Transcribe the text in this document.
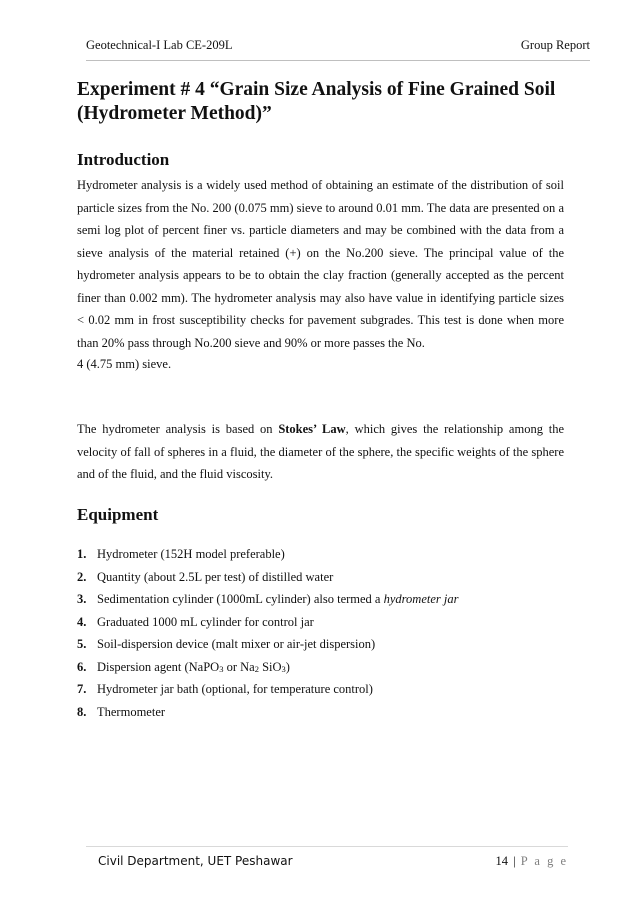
Geotechnical-I Lab CE-209L	Group Report
Experiment # 4 “Grain Size Analysis of Fine Grained Soil (Hydrometer Method)”
Introduction

Hydrometer analysis is a widely used method of obtaining an estimate of the distribution of soil particle sizes from the No. 200 (0.075 mm) sieve to around 0.01 mm. The data are presented on a semi log plot of percent finer vs. particle diameters and may be combined with the data from a sieve analysis of the material retained (+) on the No.200 sieve. The principal value of the hydrometer analysis appears to be to obtain the clay fraction (generally accepted as the percent finer than 0.002 mm). The hydrometer analysis may also have value in identifying particle sizes < 0.02 mm in frost susceptibility checks for pavement subgrades. This test is done when more than 20% pass through No.200 sieve and 90% or more passes the No.

4 (4.75 mm) sieve.

The hydrometer analysis is based on Stokes’ Law, which gives the relationship among the velocity of fall of spheres in a fluid, the diameter of the sphere, the specific weights of the sphere and of the fluid, and the fluid viscosity.

Equipment
1. Hydrometer (152H model preferable)
2. Quantity (about 2.5L per test) of distilled water
3. Sedimentation cylinder (1000mL cylinder) also termed a hydrometer jar
4. Graduated 1000 mL cylinder for control jar
5. Soil-dispersion device (malt mixer or air-jet dispersion)
6. Dispersion agent (NaPO$_3$ or $Na_2$ SiO$_3$)
7. Hydrometer jar bath (optional, for temperature control)
8. Thermometer
Civil Department, UET Peshawar	14 | P a g e
